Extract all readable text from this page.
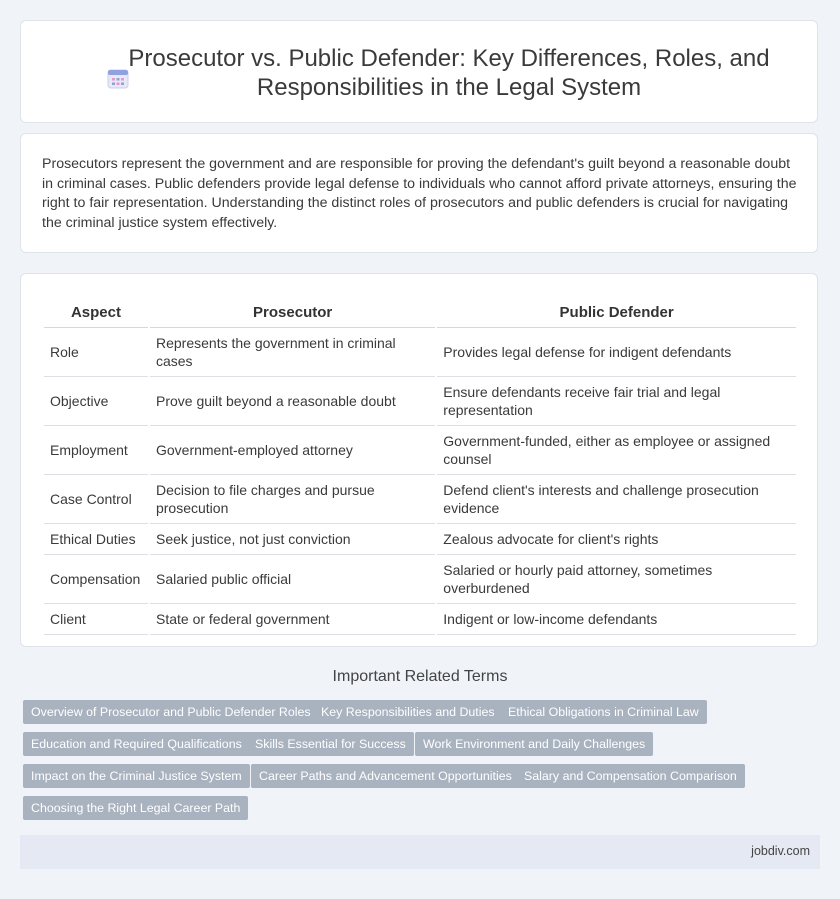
Prosecutor vs. Public Defender: Key Differences, Roles, and Responsibilities in the Legal System

Prosecutors represent the government and are responsible for proving the defendant's guilt beyond a reasonable doubt in criminal cases. Public defenders provide legal defense to individuals who cannot afford private attorneys, ensuring the right to fair representation. Understanding the distinct roles of prosecutors and public defenders is crucial for navigating the criminal justice system effectively.

Aspect	Prosecutor	Public Defender
Role	Represents the government in criminal cases	Provides legal defense for indigent defendants
Objective	Prove guilt beyond a reasonable doubt	Ensure defendants receive fair trial and legal representation
Employment	Government-employed attorney	Government-funded, either as employee or assigned counsel
Case Control	Decision to file charges and pursue prosecution	Defend client's interests and challenge prosecution evidence
Ethical Duties	Seek justice, not just conviction	Zealous advocate for client's rights
Compensation	Salaried public official	Salaried or hourly paid attorney, sometimes overburdened
Client	State or federal government	Indigent or low-income defendants
Important Related Terms
Overview of Prosecutor and Public Defender Roles Key Responsibilities and Duties	Ethical Obligations in Criminal Law
Education and Required Qualifications	Skills Essential for Success	Work Environment and Daily Challenges
Impact on the Criminal Justice System	Career Paths and Advancement Opportunities Salary and Compensation Comparison
Choosing the Right Legal Career Path
jobdiv.com
